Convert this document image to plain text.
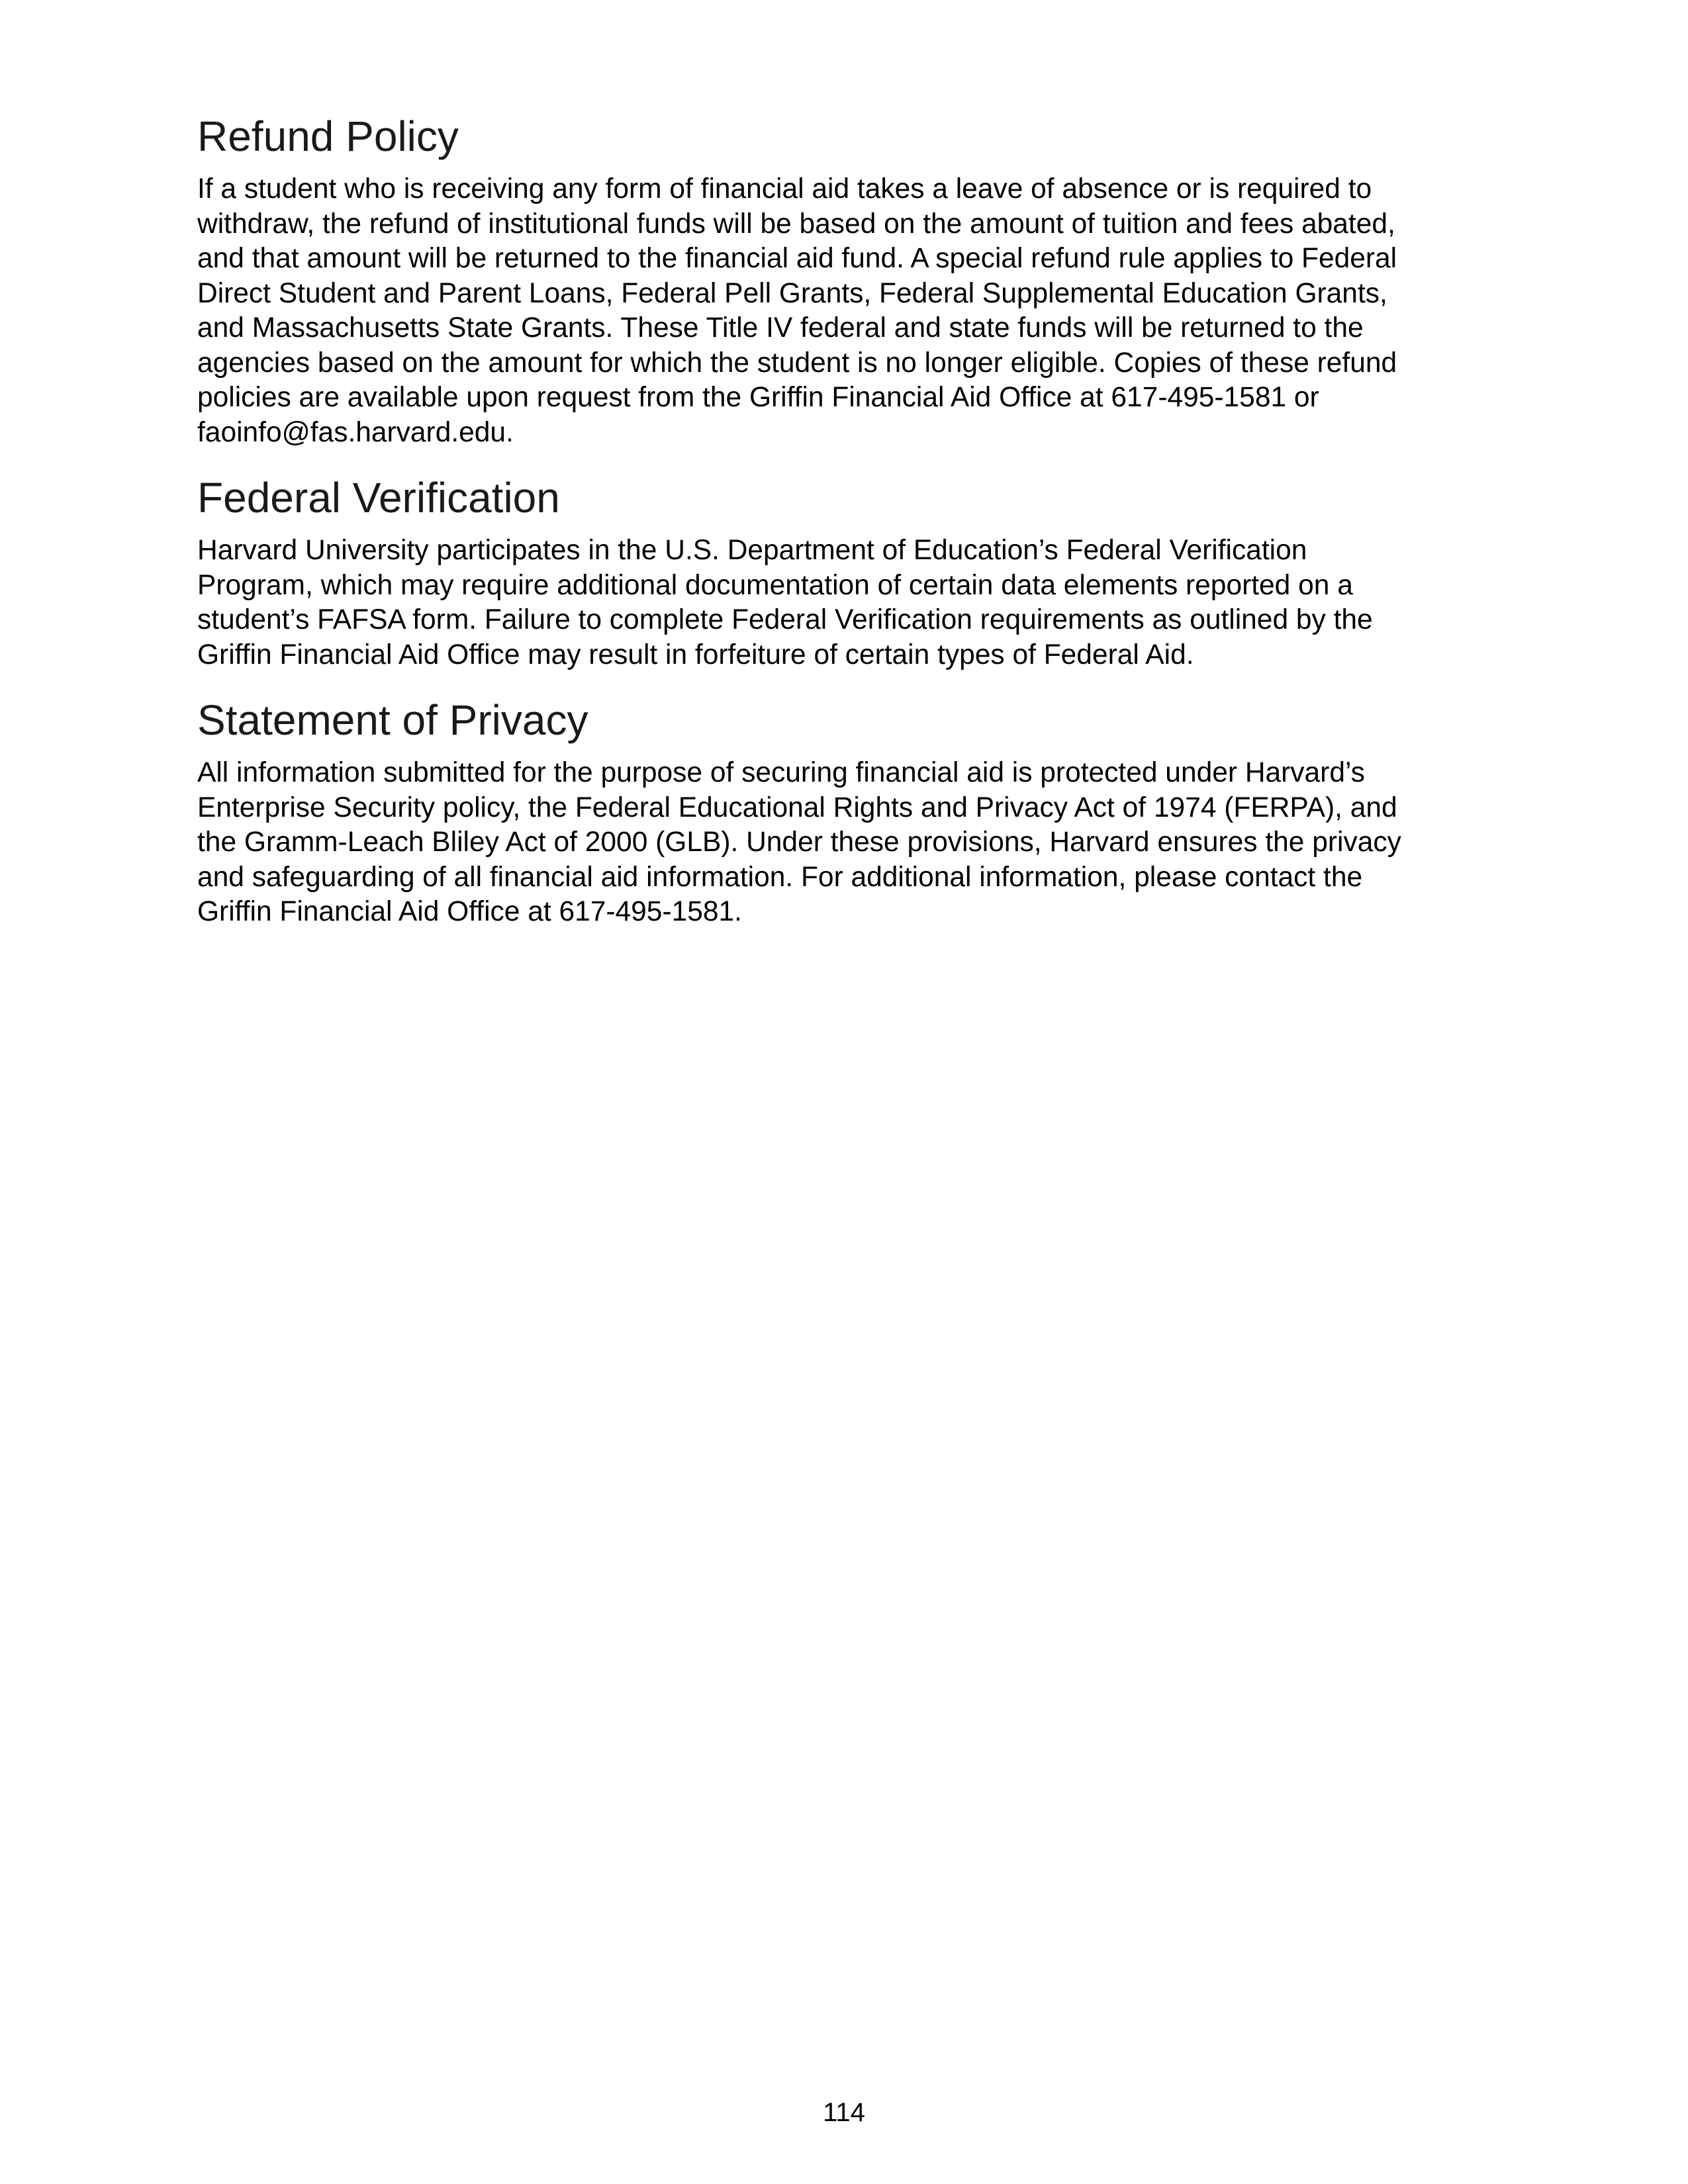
Refund Policy

If a student who is receiving any form of financial aid takes a leave of absence or is required to
withdraw, the refund of institutional funds will be based on the amount of tuition and fees abated,
and that amount will be returned to the financial aid fund. A special refund rule applies to Federal
Direct Student and Parent Loans, Federal Pell Grants, Federal Supplemental Education Grants,
and Massachusetts State Grants. These Title IV federal and state funds will be returned to the
agencies based on the amount for which the student is no longer eligible. Copies of these refund
policies are available upon request from the Griffin Financial Aid Office at 617-495-1581 or
faoinfo@fas.harvard.edu.

Federal Verification

Harvard University participates in the U.S. Department of Education’s Federal Verification
Program, which may require additional documentation of certain data elements reported on a
student’s FAFSA form. Failure to complete Federal Verification requirements as outlined by the
Griffin Financial Aid Office may result in forfeiture of certain types of Federal Aid.

Statement of Privacy

All information submitted for the purpose of securing financial aid is protected under Harvard’s
Enterprise Security policy, the Federal Educational Rights and Privacy Act of 1974 (FERPA), and
the Gramm-Leach Bliley Act of 2000 (GLB). Under these provisions, Harvard ensures the privacy
and safeguarding of all financial aid information. For additional information, please contact the
Griffin Financial Aid Office at 617-495-1581.

114
